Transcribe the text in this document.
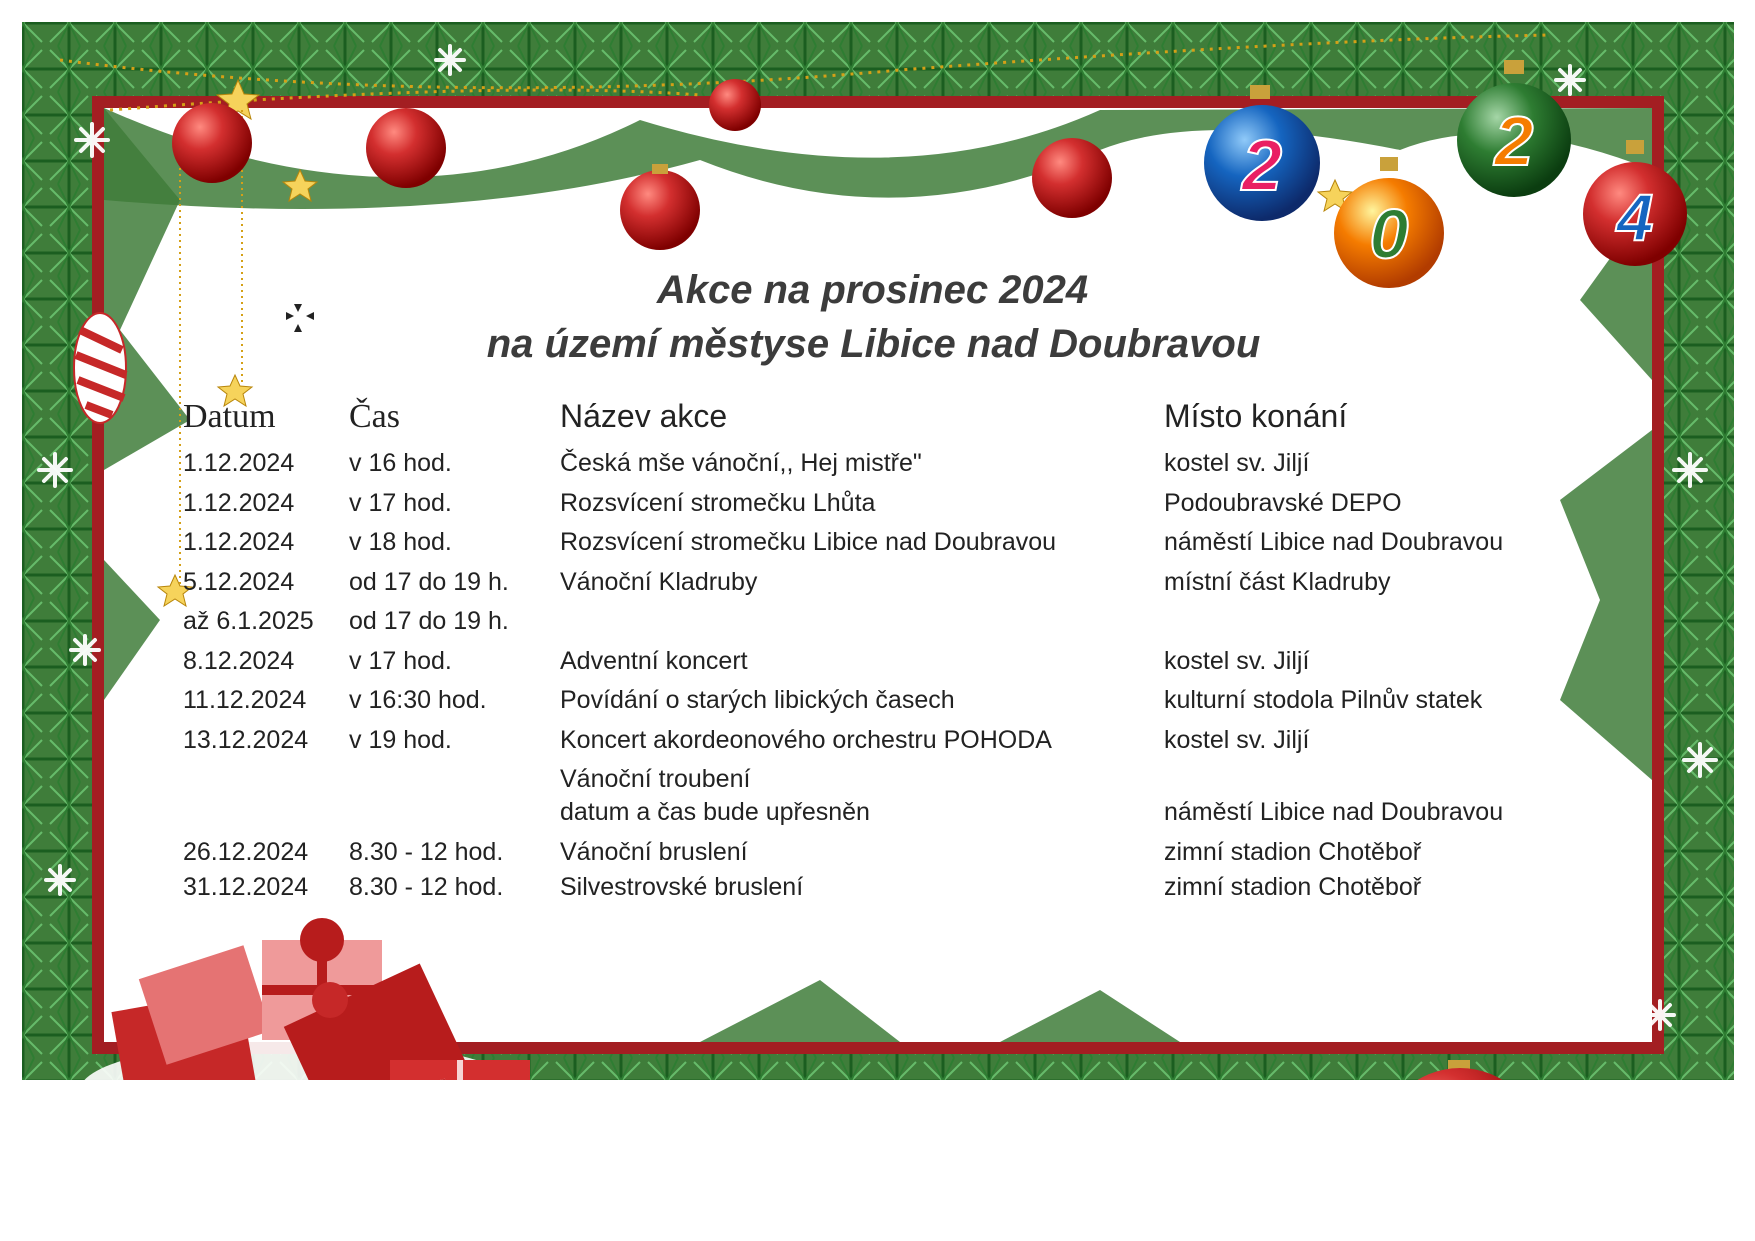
2
0
2
4
Akce na prosinec 2024
na území městyse Libice nad Doubravou
Datum	Čas	Název akce	Místo konání
1.12.2024	v 16 hod.	Česká mše vánoční,, Hej mistře"	kostel sv. Jiljí
1.12.2024	v 17 hod.	Rozsvícení stromečku Lhůta	Podoubravské DEPO
1.12.2024	v 18 hod.	Rozsvícení stromečku Libice nad Doubravou	náměstí Libice nad Doubravou
5.12.2024	od 17 do 19 h.	Vánoční Kladruby	místní část Kladruby
až 6.1.2025	od 17 do 19 h.		
8.12.2024	v 17 hod.	Adventní koncert	kostel sv. Jiljí
11.12.2024	v 16:30 hod.	Povídání o starých libických časech	kulturní stodola Pilnův statek
13.12.2024	v 19 hod.	Koncert akordeonového orchestru POHODA	kostel sv. Jiljí
		Vánoční troubení	
		datum a čas bude upřesněn	náměstí Libice nad Doubravou
26.12.2024	8.30 - 12 hod.	Vánoční bruslení	zimní stadion Chotěboř
31.12.2024	8.30 - 12 hod.	Silvestrovské bruslení	zimní stadion Chotěboř
